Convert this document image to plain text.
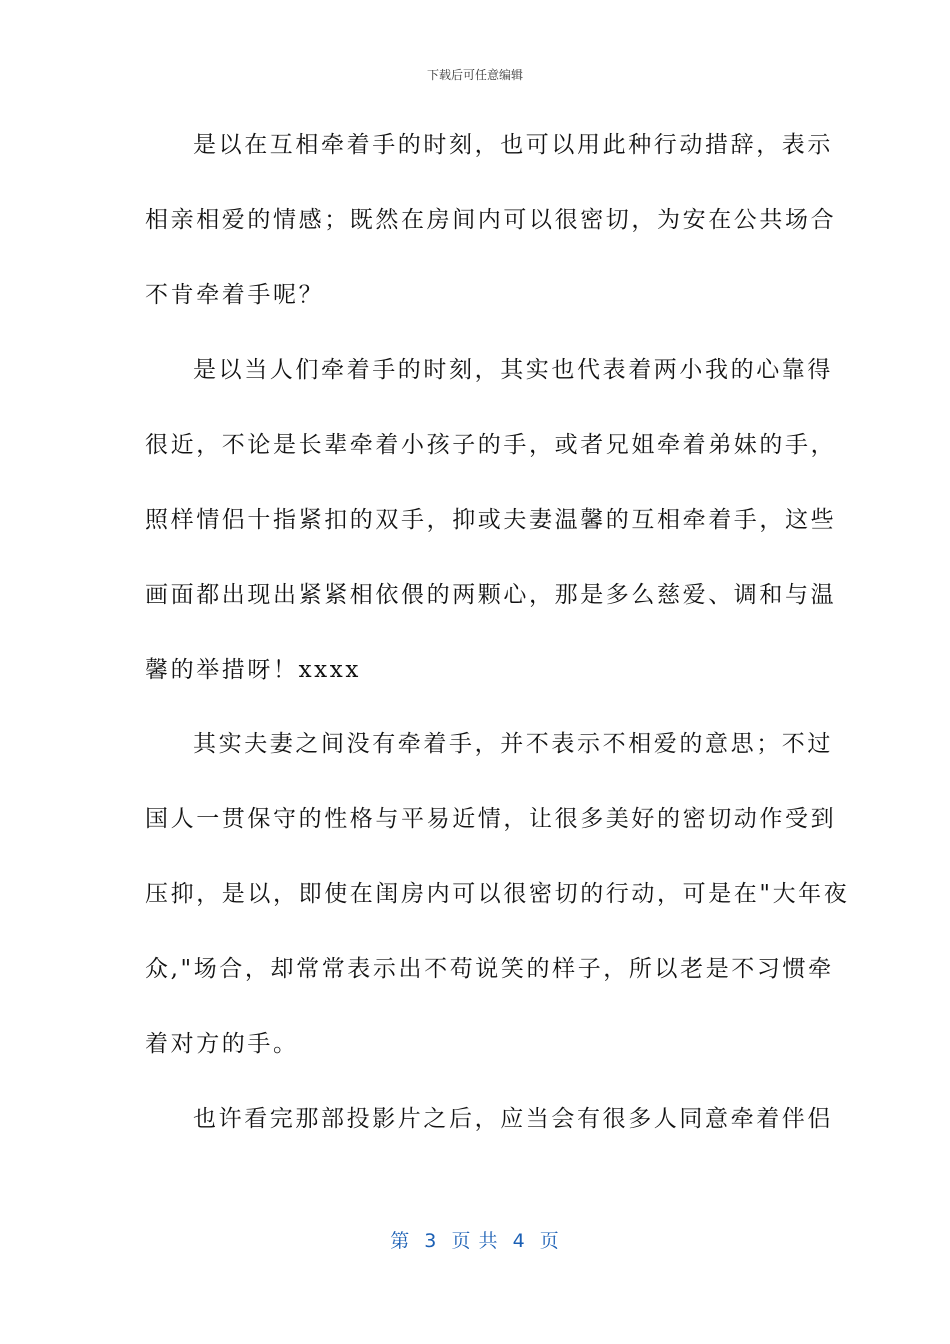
下载后可任意编辑
是以在互相牵着手的时刻，也可以用此种行动措辞，表示
相亲相爱的情感；既然在房间内可以很密切，为安在公共场合
不肯牵着手呢？
是以当人们牵着手的时刻，其实也代表着两小我的心靠得
很近，不论是长辈牵着小孩子的手，或者兄姐牵着弟妹的手，
照样情侣十指紧扣的双手，抑或夫妻温馨的互相牵着手，这些
画面都出现出紧紧相依偎的两颗心，那是多么慈爱、调和与温
馨的举措呀！xxxx
其实夫妻之间没有牵着手，并不表示不相爱的意思；不过
国人一贯保守的性格与平易近情，让很多美好的密切动作受到
压抑，是以，即使在闺房内可以很密切的行动，可是在"大年夜
众,"场合，却常常表示出不苟说笑的样子，所以老是不习惯牵
着对方的手。
也许看完那部投影片之后，应当会有很多人同意牵着伴侣
第  3  页 共  4  页
